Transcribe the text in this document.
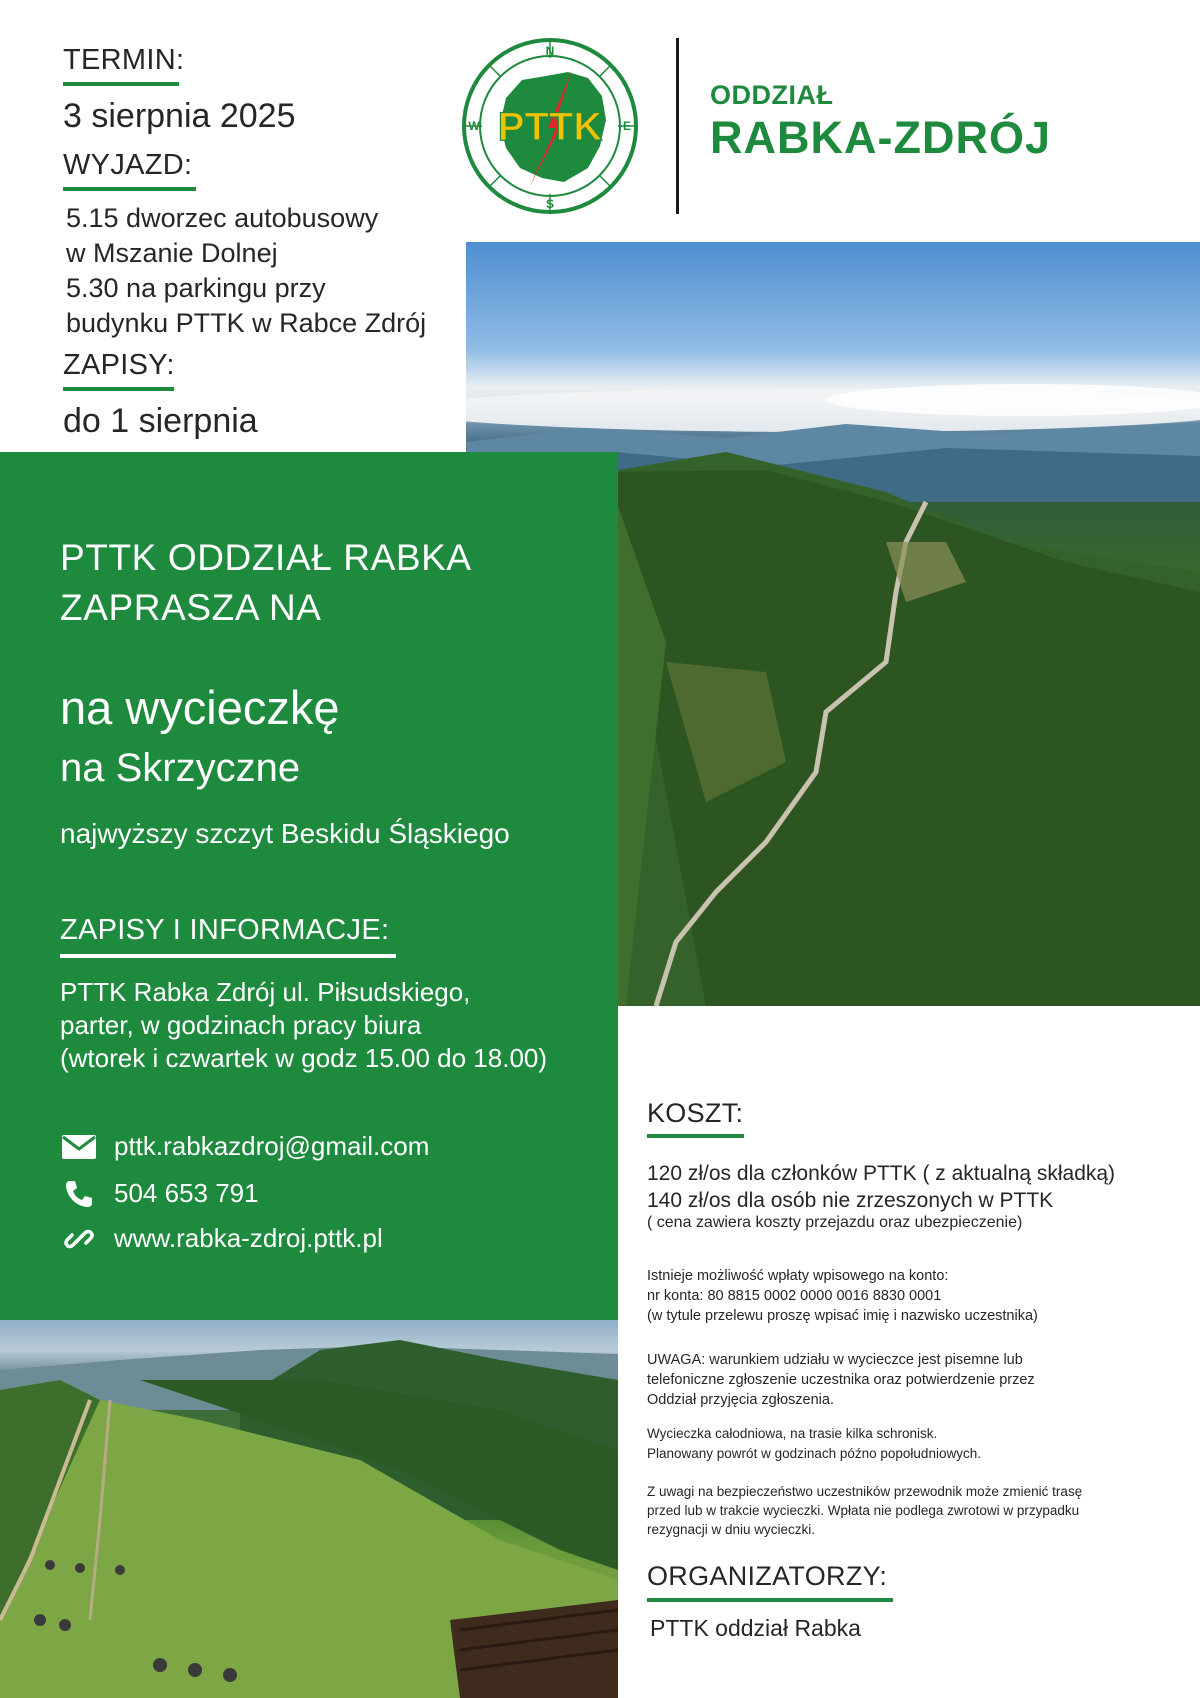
TERMIN:
3 sierpnia 2025
WYJAZD:
5.15 dworzec autobusowy
w Mszanie Dolnej
5.30 na parkingu przy
budynku PTTK w Rabce Zdrój
ZAPISY:
do 1 sierpnia
PTTK
N
S
W	E
ODDZIAŁ
RABKA-ZDRÓJ
PTTK ODDZIAŁ RABKA
ZAPRASZA NA
na wycieczkę
na Skrzyczne
najwyższy szczyt Beskidu Śląskiego
ZAPISY I INFORMACJE:
PTTK Rabka Zdrój ul. Piłsudskiego,
parter, w godzinach pracy biura
(wtorek i czwartek w godz 15.00 do 18.00)
pttk.rabkazdroj@gmail.com
504 653 791
www.rabka-zdroj.pttk.pl
KOSZT:
120 zł/os dla członków PTTK ( z aktualną składką)
140 zł/os dla osób nie zrzeszonych w PTTK
( cena zawiera koszty przejazdu oraz ubezpieczenie)
Istnieje możliwość wpłaty wpisowego na konto:
nr konta: 80 8815 0002 0000 0016 8830 0001
(w tytule przelewu proszę wpisać imię i nazwisko uczestnika)
UWAGA: warunkiem udziału w wycieczce jest pisemne lub
telefoniczne zgłoszenie uczestnika oraz potwierdzenie przez
Oddział przyjęcia zgłoszenia.
Wycieczka całodniowa, na trasie kilka schronisk.
Planowany powrót w godzinach późno popołudniowych.
Z uwagi na bezpieczeństwo uczestników przewodnik może zmienić trasę
przed lub w trakcie wycieczki. Wpłata nie podlega zwrotowi w przypadku
rezygnacji w dniu wycieczki.
ORGANIZATORZY:
PTTK oddział Rabka
